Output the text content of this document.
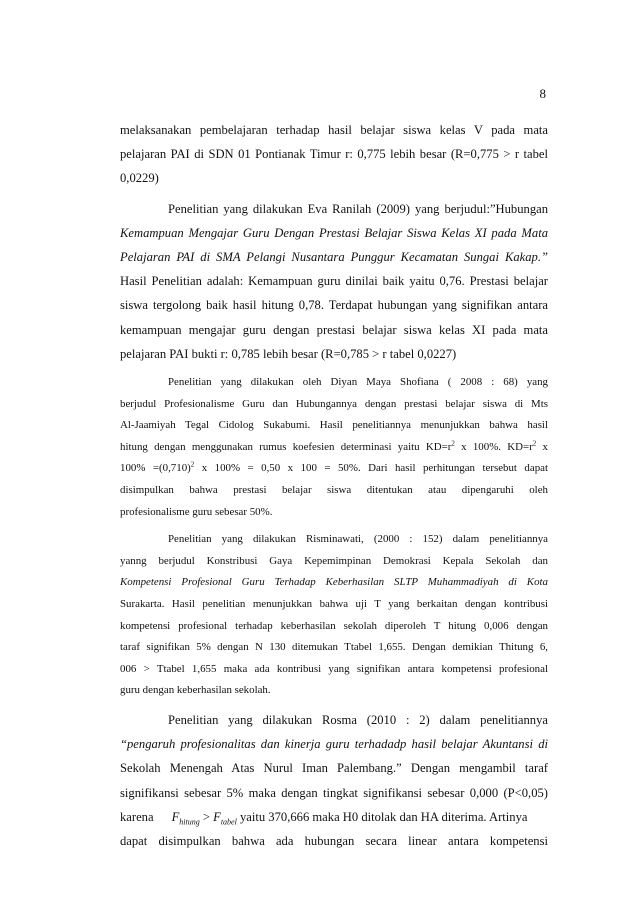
8
melaksanakan pembelajaran terhadap hasil belajar siswa kelas V pada mata
pelajaran PAI di SDN 01 Pontianak Timur r: 0,775 lebih besar (R=0,775 > r tabel
0,0229)
Penelitian yang dilakukan Eva Ranilah (2009) yang berjudul:”Hubungan
Kemampuan Mengajar Guru Dengan Prestasi Belajar Siswa Kelas XI pada Mata
Pelajaran PAI di SMA Pelangi Nusantara Punggur Kecamatan Sungai Kakap.”
Hasil Penelitian adalah: Kemampuan guru dinilai baik yaitu 0,76. Prestasi belajar
siswa tergolong baik hasil hitung 0,78. Terdapat hubungan yang signifikan antara
kemampuan mengajar guru dengan prestasi belajar siswa kelas XI pada mata
pelajaran PAI bukti r: 0,785 lebih besar (R=0,785 > r tabel 0,0227)
Penelitian yang dilakukan oleh Diyan Maya Shofiana ( 2008 : 68) yang
berjudul Profesionalisme Guru dan Hubungannya dengan prestasi belajar siswa di Mts
Al-Jaamiyah Tegal Cidolog Sukabumi. Hasil penelitiannya menunjukkan bahwa hasil
hitung dengan menggunakan rumus koefesien determinasi yaitu $KD=r^2$ x 100%. $KD=r^2$ x
$100\% =(0,710)^2$ x 100% = 0,50 x 100 = 50%. Dari hasil perhitungan tersebut dapat
disimpulkan bahwa prestasi belajar siswa ditentukan atau dipengaruhi oleh
profesionalisme guru sebesar 50%.
Penelitian yang dilakukan Risminawati, (2000 : 152) dalam penelitiannya
yanng berjudul Konstribusi Gaya Kepemimpinan Demokrasi Kepala Sekolah dan
Kompetensi Profesional Guru Terhadap Keberhasilan SLTP Muhammadiyah di Kota
Surakarta. Hasil penelitian menunjukkan bahwa uji T yang berkaitan dengan kontribusi
kompetensi profesional terhadap keberhasilan sekolah diperoleh T hitung 0,006 dengan
taraf signifikan 5% dengan N 130 ditemukan Ttabel 1,655. Dengan demikian Thitung 6,
006 > Ttabel 1,655 maka ada kontribusi yang signifikan antara kompetensi profesional
guru dengan keberhasilan sekolah.
Penelitian yang dilakukan Rosma (2010 : 2) dalam penelitiannya
“pengaruh profesionalitas dan kinerja guru terhadadp hasil belajar Akuntansi di
Sekolah Menengah Atas Nurul Iman Palembang.” Dengan mengambil taraf
signifikansi sebesar 5% maka dengan tingkat signifikansi sebesar 0,000 (P<0,05)
karena $F_{hitung} > F_{tabel}$ yaitu 370,666 maka H0 ditolak dan HA diterima. Artinya
dapat disimpulkan bahwa ada hubungan secara linear antara kompetensi
